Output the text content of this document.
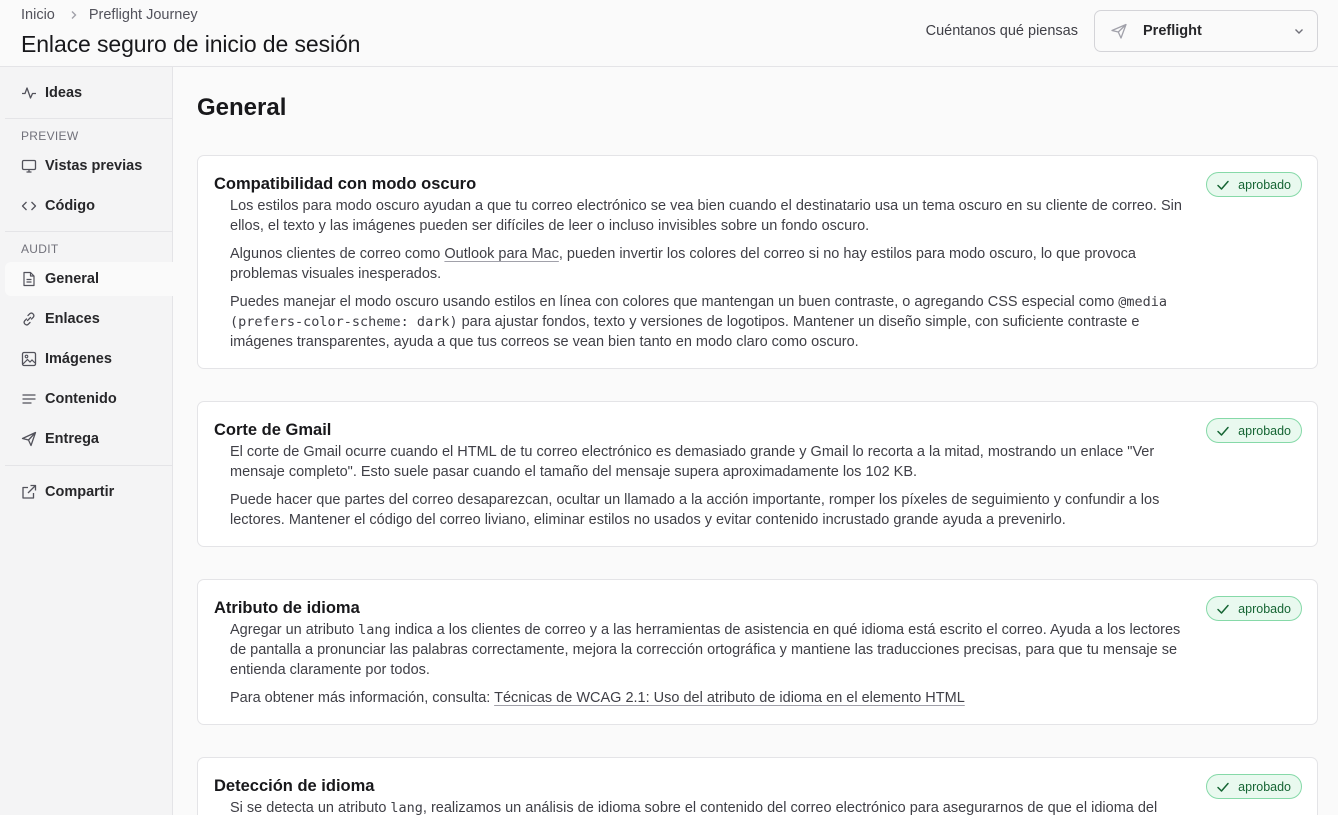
Inicio Preflight Journey
Enlace seguro de inicio de sesión	Cuéntanos qué piensas	Preflight
Ideas
PREVIEW
Vistas previas
Código
AUDIT
General
Enlaces
Imágenes
Contenido
Entrega
Compartir
General
Compatibilidad con modo oscuro	aprobado

Los estilos para modo oscuro ayudan a que tu correo electrónico se vea bien cuando el destinatario usa un tema oscuro en su cliente de correo. Sin ellos, el texto y las imágenes pueden ser difíciles de leer o incluso invisibles sobre un fondo oscuro.

Algunos clientes de correo como Outlook para Mac, pueden invertir los colores del correo si no hay estilos para modo oscuro, lo que provoca problemas visuales inesperados.

Puedes manejar el modo oscuro usando estilos en línea con colores que mantengan un buen contraste, o agregando CSS especial como @media (prefers-color-scheme: dark) para ajustar fondos, texto y versiones de logotipos. Mantener un diseño simple, con suficiente contraste e imágenes transparentes, ayuda a que tus correos se vean bien tanto en modo claro como oscuro.

Corte de Gmail	aprobado

El corte de Gmail ocurre cuando el HTML de tu correo electrónico es demasiado grande y Gmail lo recorta a la mitad, mostrando un enlace "Ver mensaje completo". Esto suele pasar cuando el tamaño del mensaje supera aproximadamente los 102 KB.

Puede hacer que partes del correo desaparezcan, ocultar un llamado a la acción importante, romper los píxeles de seguimiento y confundir a los lectores. Mantener el código del correo liviano, eliminar estilos no usados y evitar contenido incrustado grande ayuda a prevenirlo.

Atributo de idioma	aprobado

Agregar un atributo lang indica a los clientes de correo y a las herramientas de asistencia en qué idioma está escrito el correo. Ayuda a los lectores de pantalla a pronunciar las palabras correctamente, mejora la corrección ortográfica y mantiene las traducciones precisas, para que tu mensaje se entienda claramente por todos.

Para obtener más información, consulta: Técnicas de WCAG 2.1: Uso del atributo de idioma en el elemento HTML

Detección de idioma	aprobado

Si se detecta un atributo lang, realizamos un análisis de idioma sobre el contenido del correo electrónico para asegurarnos de que el idioma del
